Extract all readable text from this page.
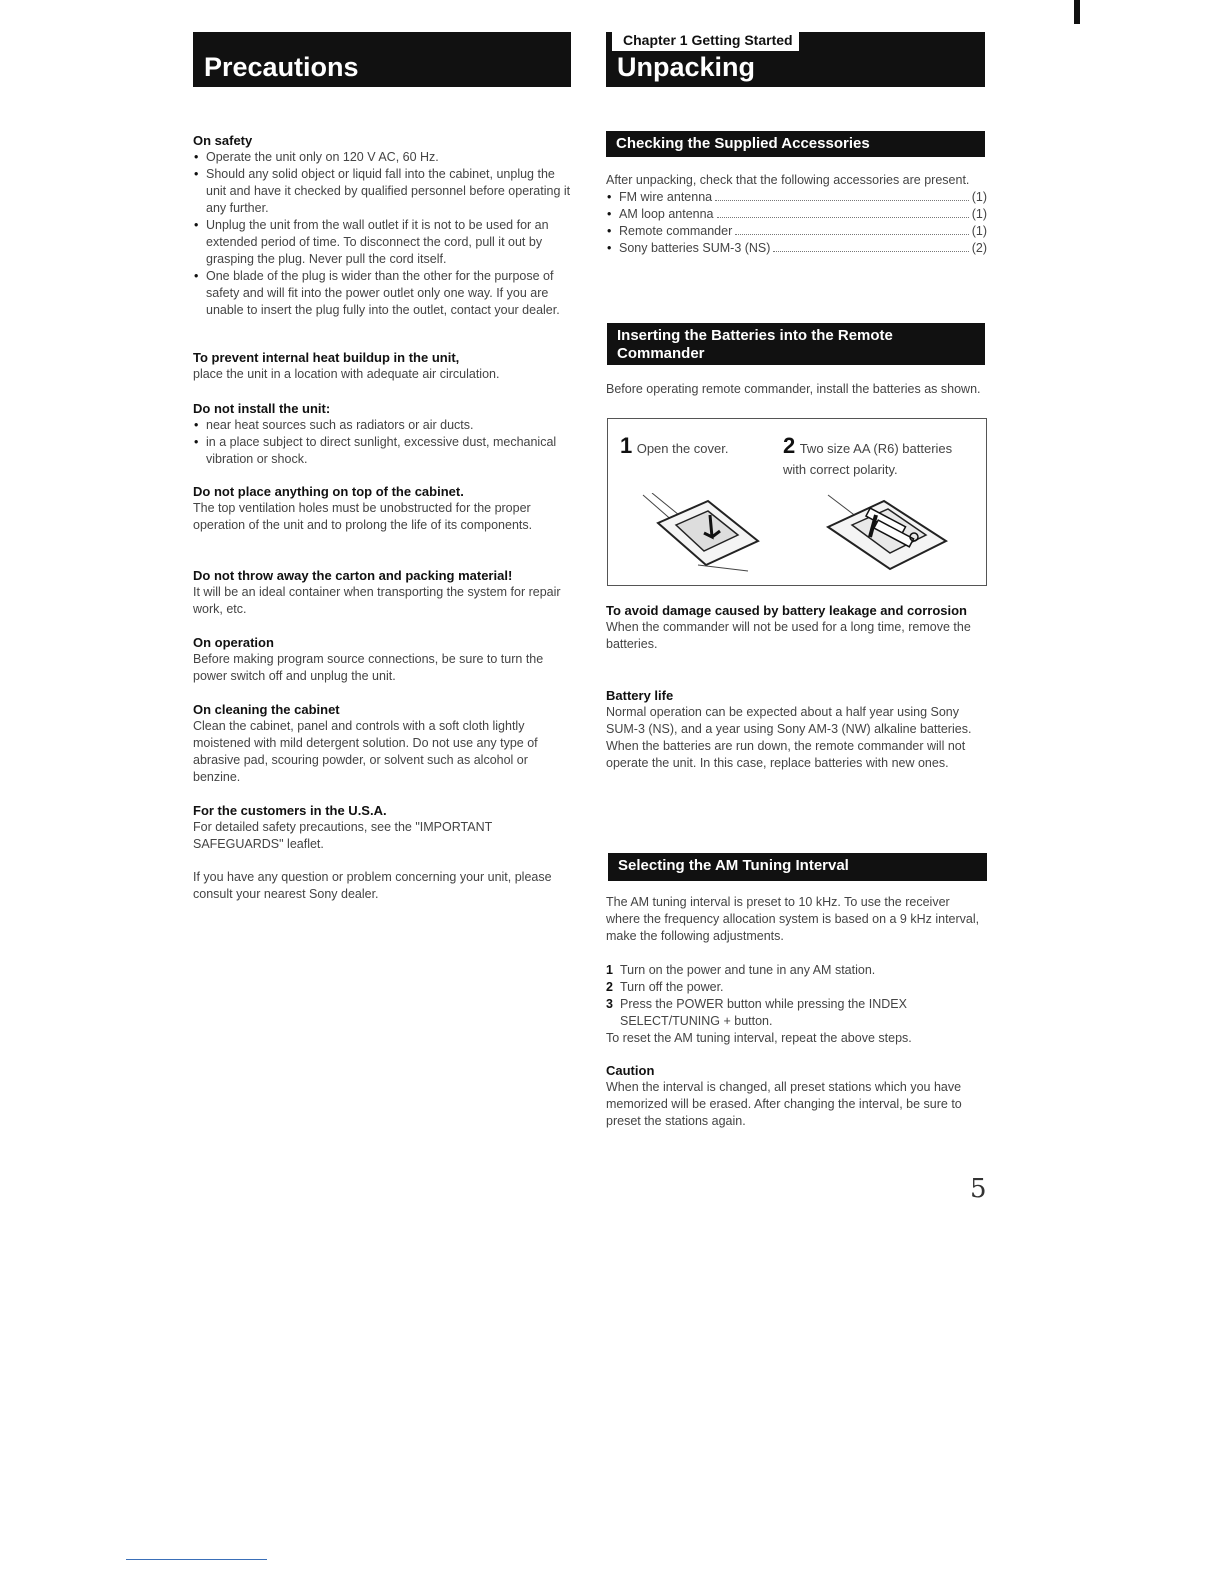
Precautions

On safety

• Operate the unit only on 120 V AC, 60 Hz.
• Should any solid object or liquid fall into the cabinet, unplug the unit and have it checked by qualified personnel before operating it any further.
• Unplug the unit from the wall outlet if it is not to be used for an extended period of time. To disconnect the cord, pull it out by grasping the plug. Never pull the cord itself.
• One blade of the plug is wider than the other for the purpose of safety and will fit into the power outlet only one way. If you are unable to insert the plug fully into the outlet, contact your dealer.

To prevent internal heat buildup in the unit,

place the unit in a location with adequate air circulation.

Do not install the unit:

• near heat sources such as radiators or air ducts.
• in a place subject to direct sunlight, excessive dust, mechanical vibration or shock.

Do not place anything on top of the cabinet.

The top ventilation holes must be unobstructed for the proper operation of the unit and to prolong the life of its components.

Do not throw away the carton and packing material!

It will be an ideal container when transporting the system for repair work, etc.

On operation

Before making program source connections, be sure to turn the power switch off and unplug the unit.

On cleaning the cabinet

Clean the cabinet, panel and controls with a soft cloth lightly moistened with mild detergent solution. Do not use any type of abrasive pad, scouring powder, or solvent such as alcohol or benzine.

For the customers in the U.S.A.

For detailed safety precautions, see the "IMPORTANT SAFEGUARDS" leaflet.

If you have any question or problem concerning your unit, please consult your nearest Sony dealer.

Unpacking
Chapter 1 Getting Started
Checking the Supplied Accessories

After unpacking, check that the following accessories are present.

• FM wire antenna	(1)
• AM loop antenna	(1)
• Remote commander	(1)
• Sony batteries SUM-3 (NS)	(2)
Inserting the Batteries into the Remote Commander

Before operating remote commander, install the batteries as shown.

1 Open the cover. 2 Two size AA (R6) batteries with correct polarity.

To avoid damage caused by battery leakage and corrosion

When the commander will not be used for a long time, remove the batteries.

Battery life

Normal operation can be expected about a half year using Sony SUM-3 (NS), and a year using Sony AM-3 (NW) alkaline batteries.

When the batteries are run down, the remote commander will not operate the unit. In this case, replace batteries with new ones.

Selecting the AM Tuning Interval

The AM tuning interval is preset to 10 kHz. To use the receiver where the frequency allocation system is based on a 9 kHz interval, make the following adjustments.

1 Turn on the power and tune in any AM station.
2 Turn off the power.
3 Press the POWER button while pressing the INDEX SELECT/TUNING + button.

To reset the AM tuning interval, repeat the above steps.

Caution

When the interval is changed, all preset stations which you have memorized will be erased. After changing the interval, be sure to preset the stations again.

5
